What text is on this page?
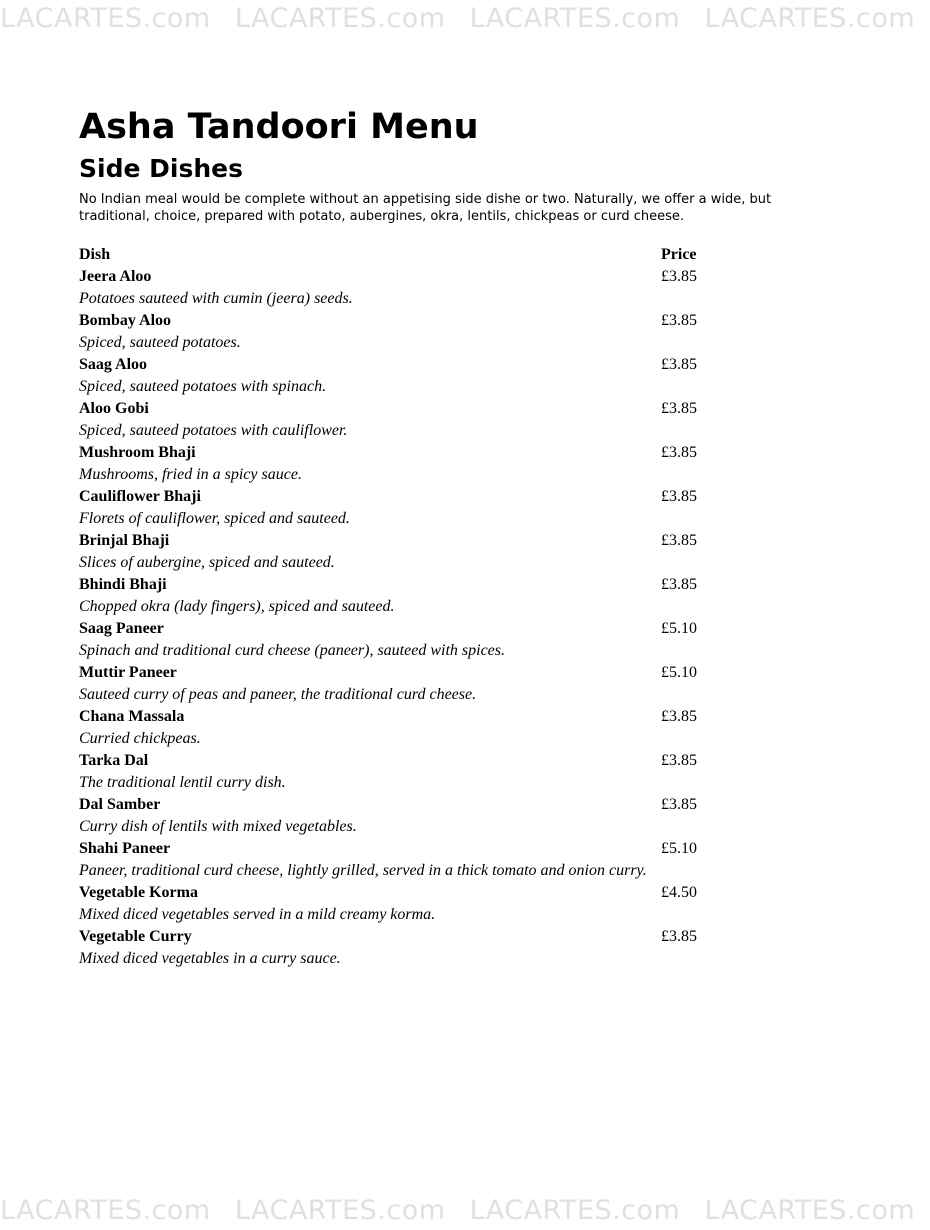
LACARTES.com LACARTES.com LACARTES.com LACARTES.com
Asha Tandoori Menu
Side Dishes

No Indian meal would be complete without an appetising side dishe or two. Naturally, we offer a wide, but traditional, choice, prepared with potato, aubergines, okra, lentils, chickpeas or curd cheese.

Dish	Price
Jeera Aloo	£3.85
Potatoes sauteed with cumin (jeera) seeds.	
Bombay Aloo	£3.85
Spiced, sauteed potatoes.	
Saag Aloo	£3.85
Spiced, sauteed potatoes with spinach.	
Aloo Gobi	£3.85
Spiced, sauteed potatoes with cauliflower.	
Mushroom Bhaji	£3.85
Mushrooms, fried in a spicy sauce.	
Cauliflower Bhaji	£3.85
Florets of cauliflower, spiced and sauteed.	
Brinjal Bhaji	£3.85
Slices of aubergine, spiced and sauteed.	
Bhindi Bhaji	£3.85
Chopped okra (lady fingers), spiced and sauteed.	
Saag Paneer	£5.10
Spinach and traditional curd cheese (paneer), sauteed with spices.	
Muttir Paneer	£5.10
Sauteed curry of peas and paneer, the traditional curd cheese.	
Chana Massala	£3.85
Curried chickpeas.	
Tarka Dal	£3.85
The traditional lentil curry dish.	
Dal Samber	£3.85
Curry dish of lentils with mixed vegetables.	
Shahi Paneer	£5.10
Paneer, traditional curd cheese, lightly grilled, served in a thick tomato and onion curry.	
Vegetable Korma	£4.50
Mixed diced vegetables served in a mild creamy korma.	
Vegetable Curry	£3.85
Mixed diced vegetables in a curry sauce.	
LACARTES.com LACARTES.com LACARTES.com LACARTES.com
